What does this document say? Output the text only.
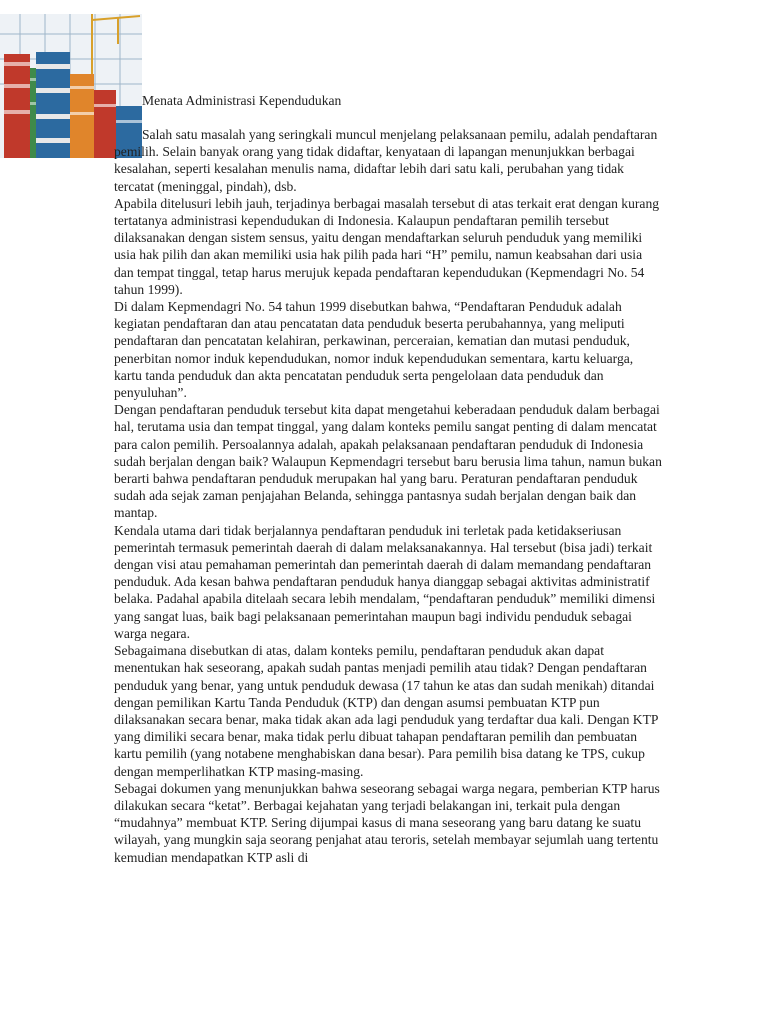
Menata Administrasi Kependudukan

Salah satu masalah yang seringkali muncul menjelang pelaksanaan pemilu, adalah pendaftaran pemilih. Selain banyak orang yang tidak didaftar, kenyataan di lapangan menunjukkan berbagai kesalahan, seperti kesalahan menulis nama, didaftar lebih dari satu kali, perubahan yang tidak tercatat (meninggal, pindah), dsb.

Apabila ditelusuri lebih jauh, terjadinya berbagai masalah tersebut di atas terkait erat dengan kurang tertatanya administrasi kependudukan di Indonesia. Kalaupun pendaftaran pemilih tersebut dilaksanakan dengan sistem sensus, yaitu dengan mendaftarkan seluruh penduduk yang memiliki usia hak pilih dan akan memiliki usia hak pilih pada hari “H” pemilu, namun keabsahan dari usia dan tempat tinggal, tetap harus merujuk kepada pendaftaran kependudukan (Kepmendagri No. 54 tahun 1999).

Di dalam Kepmendagri No. 54 tahun 1999 disebutkan bahwa, “Pendaftaran Penduduk adalah kegiatan pendaftaran dan atau pencatatan data penduduk beserta perubahannya, yang meliputi pendaftaran dan pencatatan kelahiran, perkawinan, perceraian, kematian dan mutasi penduduk, penerbitan nomor induk kependudukan, nomor induk kependudukan sementara, kartu keluarga, kartu tanda penduduk dan akta pencatatan penduduk serta pengelolaan data penduduk dan penyuluhan”.

Dengan pendaftaran penduduk tersebut kita dapat mengetahui keberadaan penduduk dalam berbagai hal, terutama usia dan tempat tinggal, yang dalam konteks pemilu sangat penting di dalam mencatat para calon pemilih. Persoalannya adalah, apakah pelaksanaan pendaftaran penduduk di Indonesia sudah berjalan dengan baik? Walaupun Kepmendagri tersebut baru berusia lima tahun, namun bukan berarti bahwa pendaftaran penduduk merupakan hal yang baru. Peraturan pendaftaran penduduk sudah ada sejak zaman penjajahan Belanda, sehingga pantasnya sudah berjalan dengan baik dan mantap.

Kendala utama dari tidak berjalannya pendaftaran penduduk ini terletak pada ketidakseriusan pemerintah termasuk pemerintah daerah di dalam melaksanakannya. Hal tersebut (bisa jadi) terkait dengan visi atau pemahaman pemerintah dan pemerintah daerah di dalam memandang pendaftaran penduduk. Ada kesan bahwa pendaftaran penduduk hanya dianggap sebagai aktivitas administratif belaka. Padahal apabila ditelaah secara lebih mendalam, “pendaftaran penduduk” memiliki dimensi yang sangat luas, baik bagi pelaksanaan pemerintahan maupun bagi individu penduduk sebagai warga negara.

Sebagaimana disebutkan di atas, dalam konteks pemilu, pendaftaran penduduk akan dapat menentukan hak seseorang, apakah sudah pantas menjadi pemilih atau tidak? Dengan pendaftaran penduduk yang benar, yang untuk penduduk dewasa (17 tahun ke atas dan sudah menikah) ditandai dengan pemilikan Kartu Tanda Penduduk (KTP) dan dengan asumsi pembuatan KTP pun dilaksanakan secara benar, maka tidak akan ada lagi penduduk yang terdaftar dua kali. Dengan KTP yang dimiliki secara benar, maka tidak perlu dibuat tahapan pendaftaran pemilih dan pembuatan kartu pemilih (yang notabene menghabiskan dana besar). Para pemilih bisa datang ke TPS, cukup dengan memperlihatkan KTP masing-masing.

Sebagai dokumen yang menunjukkan bahwa seseorang sebagai warga negara, pemberian KTP harus dilakukan secara “ketat”. Berbagai kejahatan yang terjadi belakangan ini, terkait pula dengan “mudahnya” membuat KTP. Sering dijumpai kasus di mana seseorang yang baru datang ke suatu wilayah, yang mungkin saja seorang penjahat atau teroris, setelah membayar sejumlah uang tertentu kemudian mendapatkan KTP asli di
